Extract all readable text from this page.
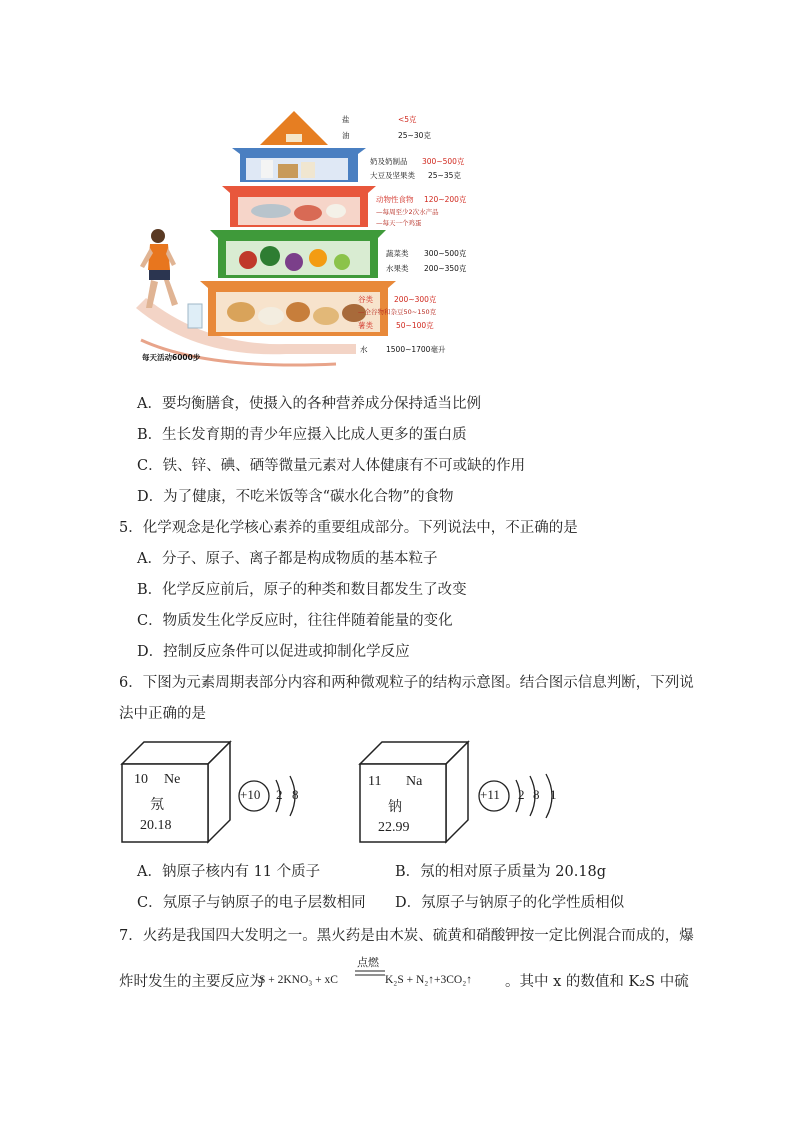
盐	<5克
油	25~30克
奶及奶制品 300~500克
大豆及坚果类 25~35克
动物性食物 120~200克
—每周至少2次水产品
—每天一个鸡蛋
蔬菜类 300~500克
水果类 200~350克
谷类	200~300克
—全谷物和杂豆50~150克
薯类	50~100克
水 1500~1700毫升
每天活动6000步
A．要均衡膳食，使摄入的各种营养成分保持适当比例
B．生长发育期的青少年应摄入比成人更多的蛋白质
C．铁、锌、碘、硒等微量元素对人体健康有不可或缺的作用
D．为了健康，不吃米饭等含“碳水化合物”的食物
5．化学观念是化学核心素养的重要组成部分。下列说法中，不正确的是
A．分子、原子、离子都是构成物质的基本粒子
B．化学反应前后，原子的种类和数目都发生了改变
C．物质发生化学反应时，往往伴随着能量的变化
D．控制反应条件可以促进或抑制化学反应
6．下图为元素周期表部分内容和两种微观粒子的结构示意图。结合图示信息判断，下列说
法中正确的是
10 Ne
氖
20.18
+10 2 8
11 Na
钠
22.99
+11 2 8 1
A．钠原子核内有 11 个质子	B．氖的相对原子质量为 20.18g
C．氖原子与钠原子的电子层数相同 D．氖原子与钠原子的化学性质相似
7．火药是我国四大发明之一。黑火药是由木炭、硫黄和硝酸钾按一定比例混合而成的，爆
炸时发生的主要反应为
S + 2KNO₃ + xC
点燃
K₂S + N₂↑+3CO₂↑ 。其中 x 的数值和 K₂S 中硫
